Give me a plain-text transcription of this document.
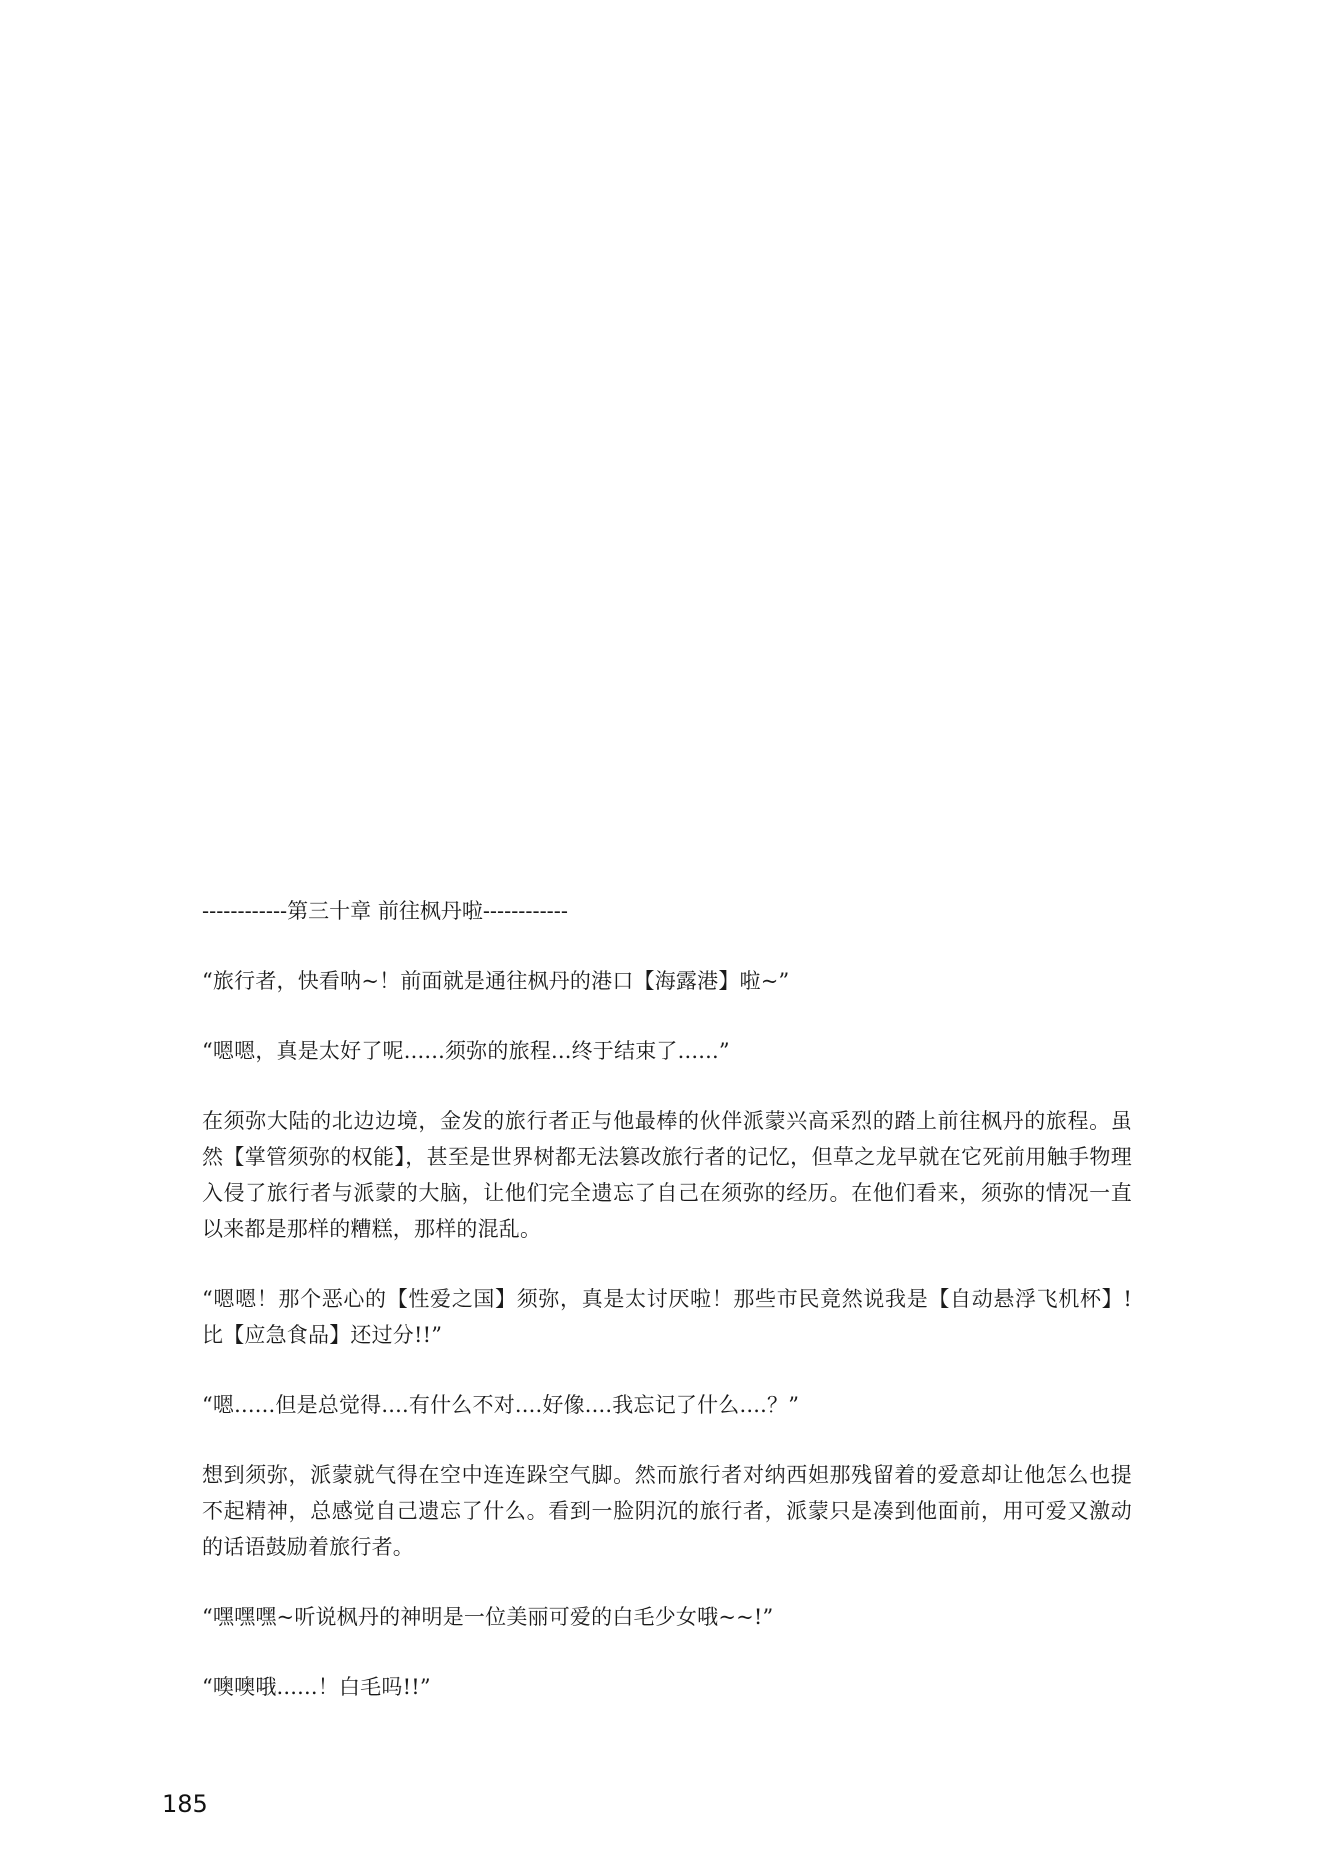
------------第三十章 前往枫丹啦------------

“旅行者，快看呐~！前面就是通往枫丹的港口【海露港】啦~”

“嗯嗯，真是太好了呢......须弥的旅程...终于结束了......”

在须弥大陆的北边边境，金发的旅行者正与他最棒的伙伴派蒙兴高采烈的踏上前往枫丹的旅程。虽然【掌管须弥的权能】，甚至是世界树都无法篡改旅行者的记忆，但草之龙早就在它死前用触手物理入侵了旅行者与派蒙的大脑，让他们完全遗忘了自己在须弥的经历。在他们看来，须弥的情况一直以来都是那样的糟糕，那样的混乱。

“嗯嗯！那个恶心的【性爱之国】须弥，真是太讨厌啦！那些市民竟然说我是【自动悬浮飞机杯】! 比【应急食品】还过分!!”

“嗯......但是总觉得....有什么不对....好像....我忘记了什么....？”

想到须弥，派蒙就气得在空中连连跺空气脚。然而旅行者对纳西妲那残留着的爱意却让他怎么也提不起精神，总感觉自己遗忘了什么。看到一脸阴沉的旅行者，派蒙只是凑到他面前，用可爱又激动的话语鼓励着旅行者。

“嘿嘿嘿~听说枫丹的神明是一位美丽可爱的白毛少女哦~~!”

“噢噢哦......！白毛吗!!”

185
